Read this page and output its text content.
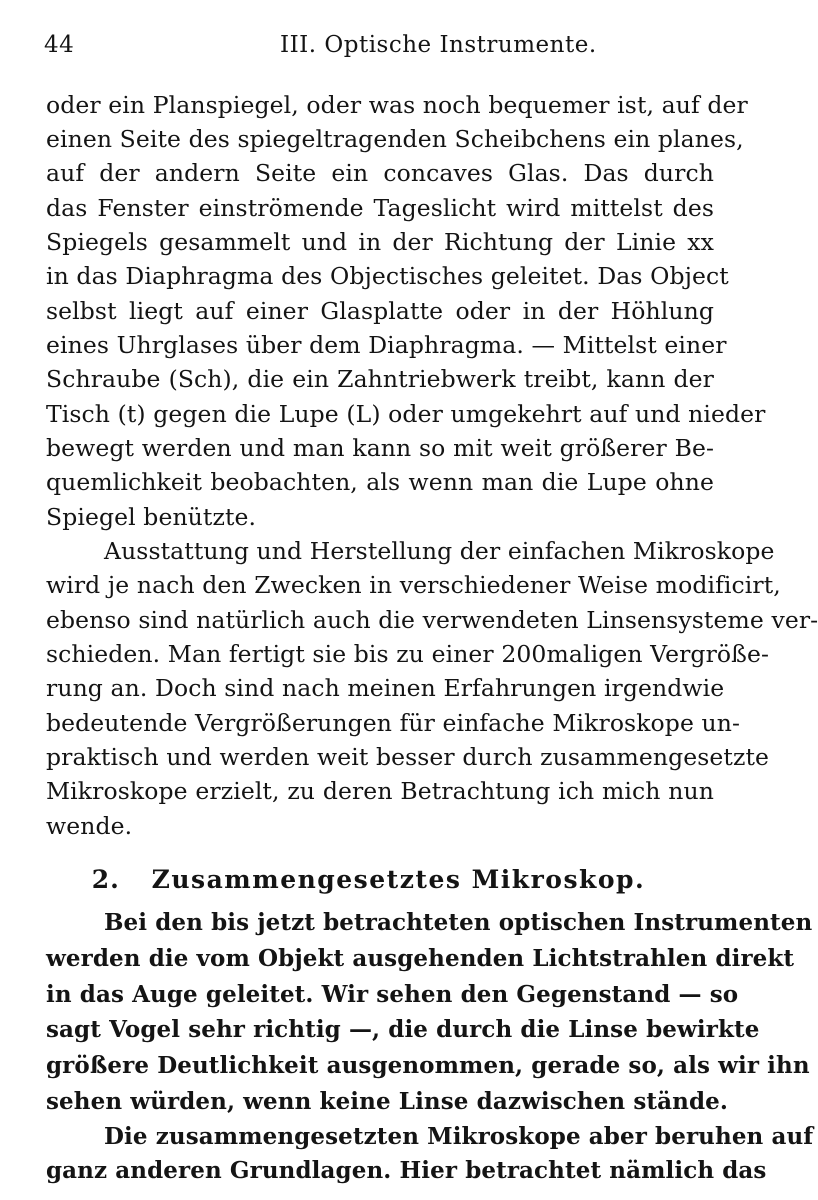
44	III. Optische Instrumente.
oder ein Planspiegel, oder was noch bequemer ist, auf der
einen Seite des spiegeltragenden Scheibchens ein planes,
auf der andern Seite ein concaves Glas. Das durch
das Fenster einströmende Tageslicht wird mittelst des
Spiegels gesammelt und in der Richtung der Linie xx
in das Diaphragma des Objectisches geleitet. Das Object
selbst liegt auf einer Glasplatte oder in der Höhlung
eines Uhrglases über dem Diaphragma. — Mittelst einer
Schraube (Sch), die ein Zahntriebwerk treibt, kann der
Tisch (t) gegen die Lupe (L) oder umgekehrt auf und nieder
bewegt werden und man kann so mit weit größerer Be-
quemlichkeit beobachten, als wenn man die Lupe ohne
Spiegel benützte.
Ausstattung und Herstellung der einfachen Mikroskope
wird je nach den Zwecken in verschiedener Weise modificirt,
ebenso sind natürlich auch die verwendeten Linsensysteme ver-
schieden. Man fertigt sie bis zu einer 200maligen Vergröße-
rung an. Doch sind nach meinen Erfahrungen irgendwie
bedeutende Vergrößerungen für einfache Mikroskope un-
praktisch und werden weit besser durch zusammengesetzte
Mikroskope erzielt, zu deren Betrachtung ich mich nun
wende.
2. Zusammengesetztes Mikroskop.
Bei den bis jetzt betrachteten optischen Instrumenten
werden die vom Objekt ausgehenden Lichtstrahlen direkt
in das Auge geleitet. Wir sehen den Gegenstand — so
sagt Vogel sehr richtig —, die durch die Linse bewirkte
größere Deutlichkeit ausgenommen, gerade so, als wir ihn
sehen würden, wenn keine Linse dazwischen stände.
Die zusammengesetzten Mikroskope aber beruhen auf
ganz anderen Grundlagen. Hier betrachtet nämlich das
